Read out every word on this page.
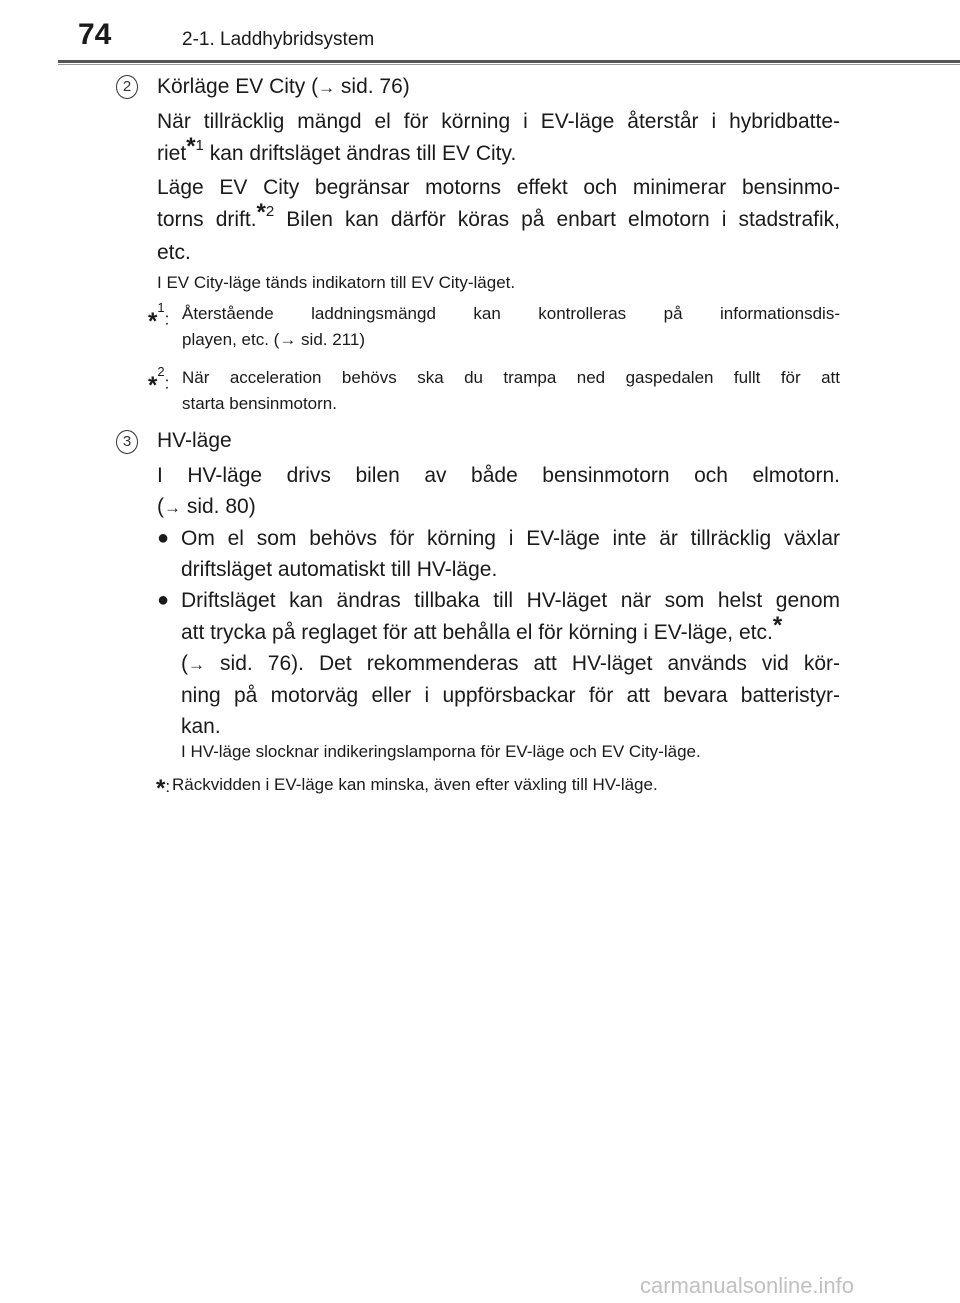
74	2-1. Laddhybridsystem
2	Körläge EV City (→ sid. 76)
När tillräcklig mängd el för körning i EV-läge återstår i hybridbatte-
riet*$^1$ kan driftsläget ändras till EV City.
Läge EV City begränsar motorns effekt och minimerar bensinmo-
torns drift.*$^2$ Bilen kan därför köras på enbart elmotorn i stadstrafik,
etc.
I EV City-läge tänds indikatorn till EV City-läget.
*$^1$: Återstående laddningsmängd kan kontrolleras på informationsdis-
playen, etc. (→ sid. 211)
*$^2$: När acceleration behövs ska du trampa ned gaspedalen fullt för att
starta bensinmotorn.
3	HV-läge
I HV-läge drivs bilen av både bensinmotorn och elmotorn.
(→ sid. 80)
● Om el som behövs för körning i EV-läge inte är tillräcklig växlar
driftsläget automatiskt till HV-läge.
● Driftsläget kan ändras tillbaka till HV-läget när som helst genom
att trycka på reglaget för att behålla el för körning i EV-läge, etc.*
(→ sid. 76). Det rekommenderas att HV-läget används vid kör-
ning på motorväg eller i uppförsbackar för att bevara batteristyr-
kan.
I HV-läge slocknar indikeringslamporna för EV-läge och EV City-läge.
*: Räckvidden i EV-läge kan minska, även efter växling till HV-läge.
carmanualsonline.info
